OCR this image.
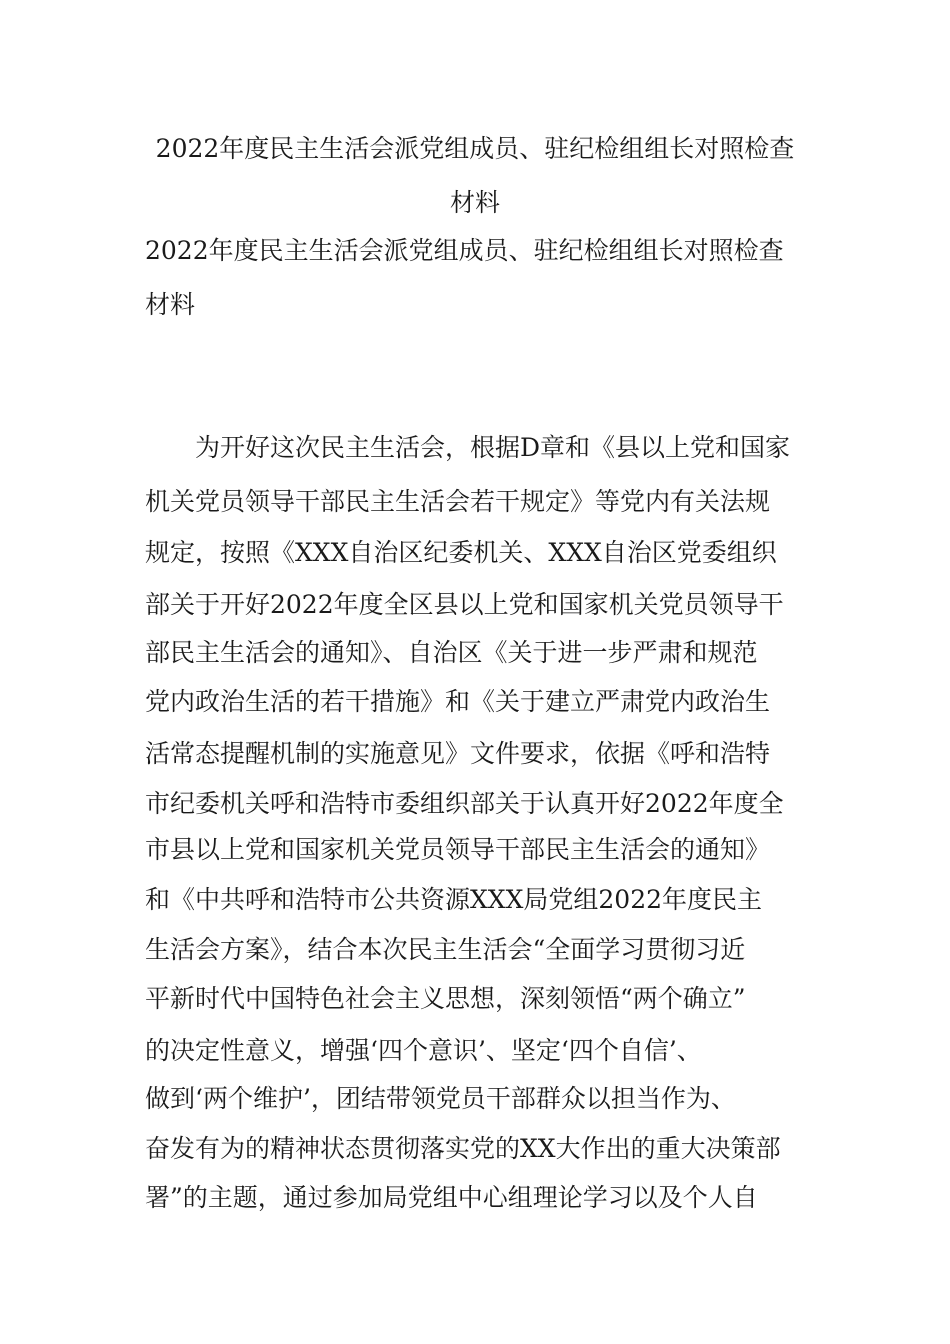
2022年度民主生活会派党组成员、驻纪检组组长对照检查
材料
2022年度民主生活会派党组成员、驻纪检组组长对照检查
材料
　　为开好这次民主生活会，根据D章和《县以上党和国家
机关党员领导干部民主生活会若干规定》等党内有关法规
规定，按照《XXX自治区纪委机关、XXX自治区党委组织
部关于开好2022年度全区县以上党和国家机关党员领导干
部民主生活会的通知》、自治区《关于进一步严肃和规范
党内政治生活的若干措施》和《关于建立严肃党内政治生
活常态提醒机制的实施意见》文件要求，依据《呼和浩特
市纪委机关呼和浩特市委组织部关于认真开好2022年度全
市县以上党和国家机关党员领导干部民主生活会的通知》
和《中共呼和浩特市公共资源XXX局党组2022年度民主
生活会方案》，结合本次民主生活会“全面学习贯彻习近
平新时代中国特色社会主义思想，深刻领悟“两个确立”
的决定性意义，增强‘四个意识’、坚定‘四个自信’、
做到‘两个维护’，团结带领党员干部群众以担当作为、
奋发有为的精神状态贯彻落实党的XX大作出的重大决策部
署”的主题，通过参加局党组中心组理论学习以及个人自
